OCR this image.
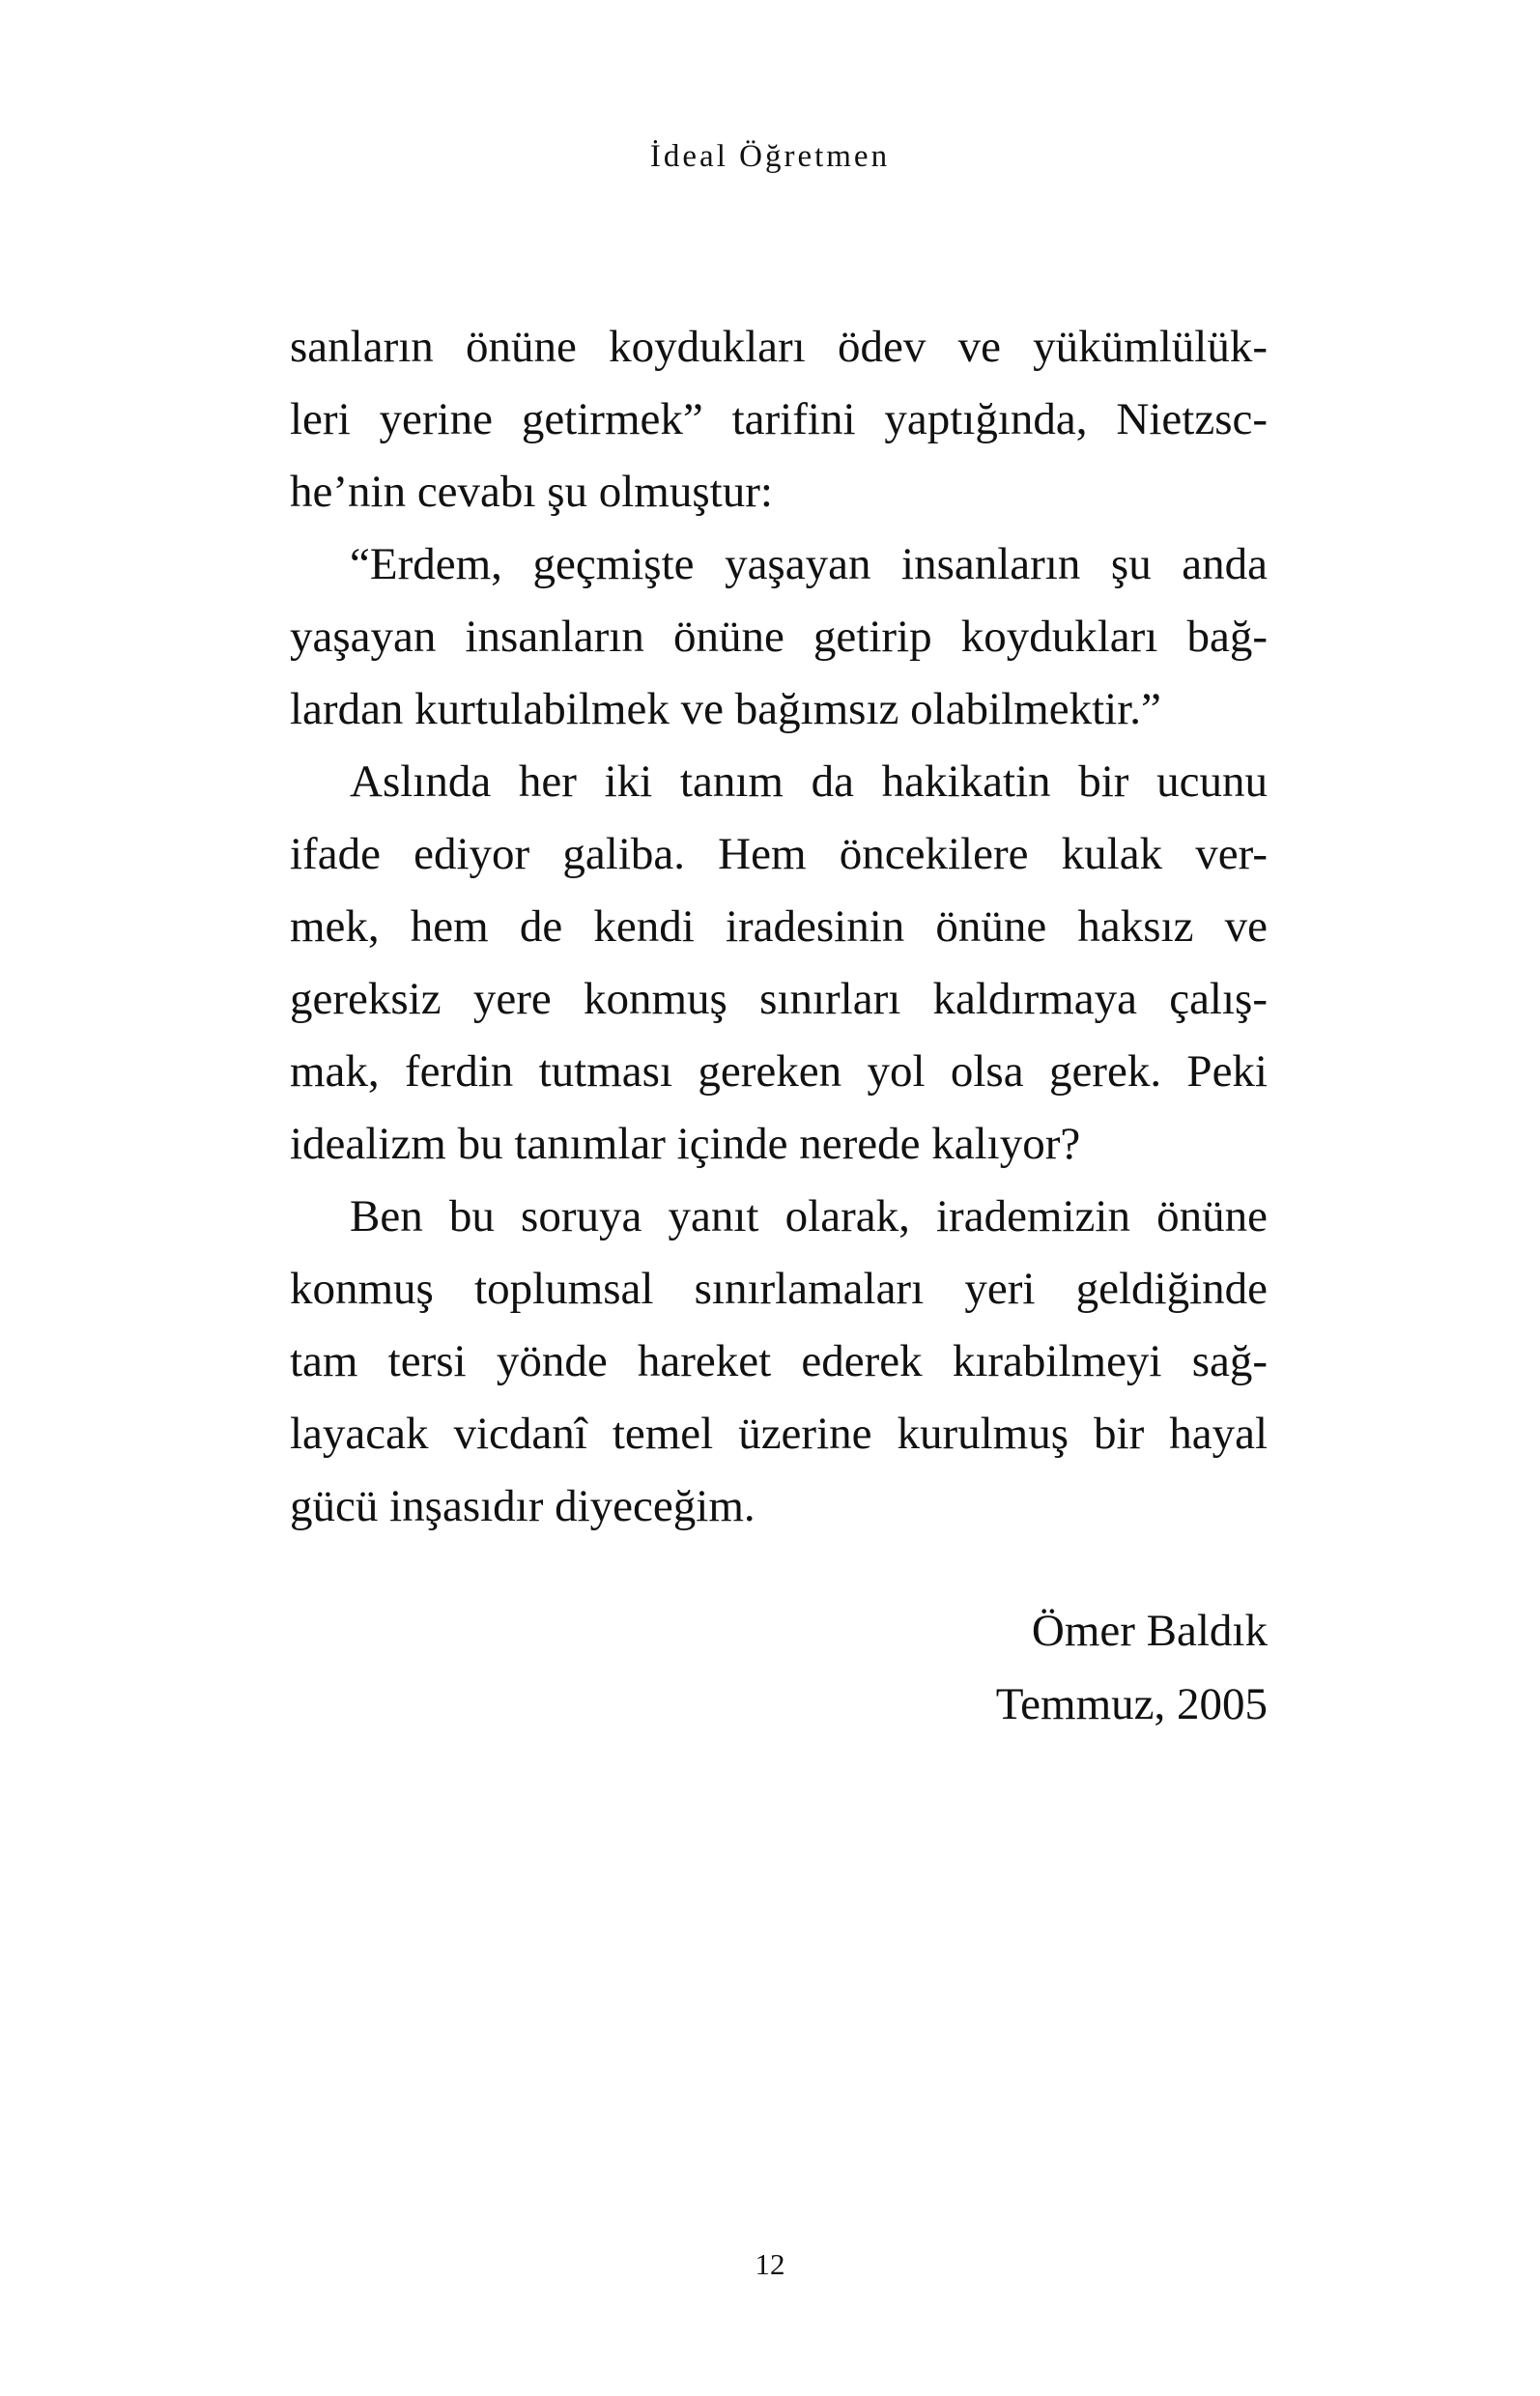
İdeal Öğretmen
sanların önüne koydukları ödev ve yükümlülük-
leri yerine getirmek” tarifini yaptığında, Nietzsc-
he’nin cevabı şu olmuştur:
“Erdem, geçmişte yaşayan insanların şu anda
yaşayan insanların önüne getirip koydukları bağ-
lardan kurtulabilmek ve bağımsız olabilmektir.”
Aslında her iki tanım da hakikatin bir ucunu
ifade ediyor galiba. Hem öncekilere kulak ver-
mek, hem de kendi iradesinin önüne haksız ve
gereksiz yere konmuş sınırları kaldırmaya çalış-
mak, ferdin tutması gereken yol olsa gerek. Peki
idealizm bu tanımlar içinde nerede kalıyor?
Ben bu soruya yanıt olarak, irademizin önüne
konmuş toplumsal sınırlamaları yeri geldiğinde
tam tersi yönde hareket ederek kırabilmeyi sağ-
layacak vicdanî temel üzerine kurulmuş bir hayal
gücü inşasıdır diyeceğim.
Ömer Baldık
Temmuz, 2005
12
